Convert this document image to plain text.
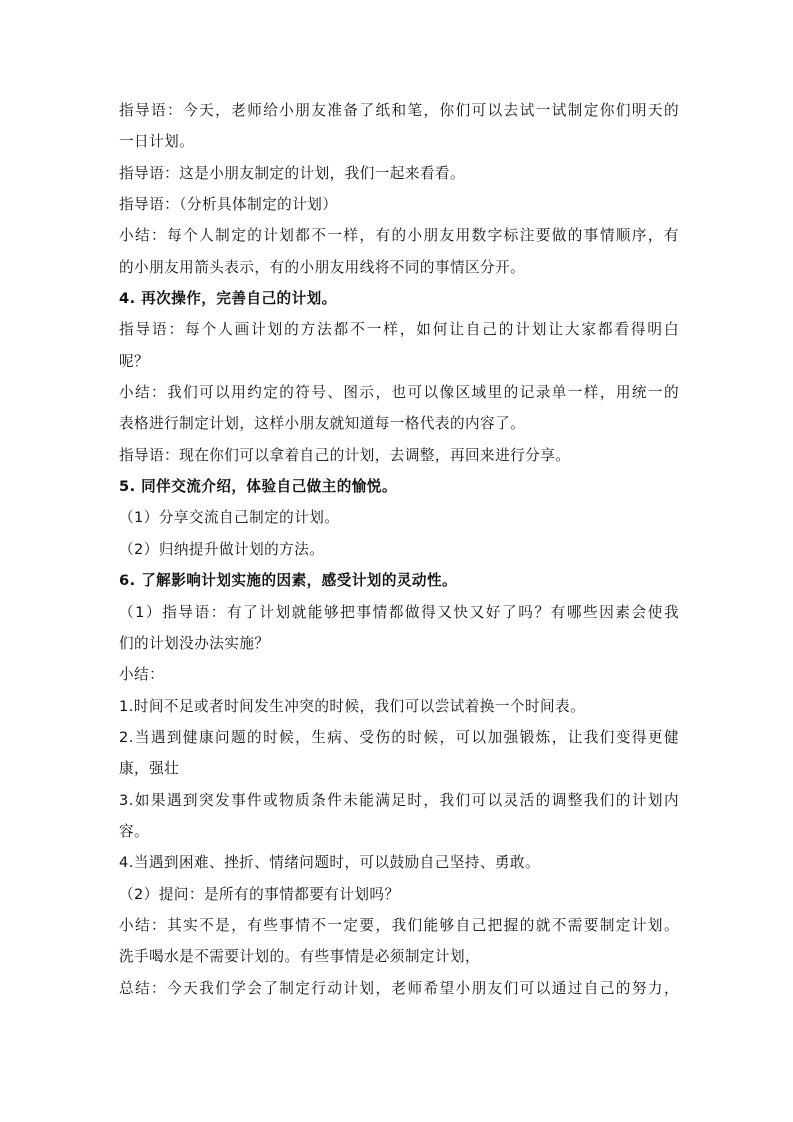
指导语：今天，老师给小朋友准备了纸和笔，你们可以去试一试制定你们明天的
一日计划。
指导语：这是小朋友制定的计划，我们一起来看看。
指导语：（分析具体制定的计划）
小结：每个人制定的计划都不一样，有的小朋友用数字标注要做的事情顺序，有
的小朋友用箭头表示，有的小朋友用线将不同的事情区分开。
4. 再次操作，完善自己的计划。
指导语：每个人画计划的方法都不一样，如何让自己的计划让大家都看得明白
呢？
小结：我们可以用约定的符号、图示，也可以像区域里的记录单一样，用统一的
表格进行制定计划，这样小朋友就知道每一格代表的内容了。
指导语：现在你们可以拿着自己的计划，去调整，再回来进行分享。
5. 同伴交流介绍，体验自己做主的愉悦。
（1）分享交流自己制定的计划。
（2）归纳提升做计划的方法。
6. 了解影响计划实施的因素，感受计划的灵动性。
（1）指导语：有了计划就能够把事情都做得又快又好了吗？有哪些因素会使我
们的计划没办法实施？
小结：
1.时间不足或者时间发生冲突的时候，我们可以尝试着换一个时间表。
2.当遇到健康问题的时候，生病、受伤的时候，可以加强锻炼，让我们变得更健
康，强壮
3.如果遇到突发事件或物质条件未能满足时，我们可以灵活的调整我们的计划内
容。
4.当遇到困难、挫折、情绪问题时，可以鼓励自己坚持、勇敢。
（2）提问：是所有的事情都要有计划吗？
小结：其实不是，有些事情不一定要，我们能够自己把握的就不需要制定计划。
洗手喝水是不需要计划的。有些事情是必须制定计划，
总结：今天我们学会了制定行动计划，老师希望小朋友们可以通过自己的努力，
